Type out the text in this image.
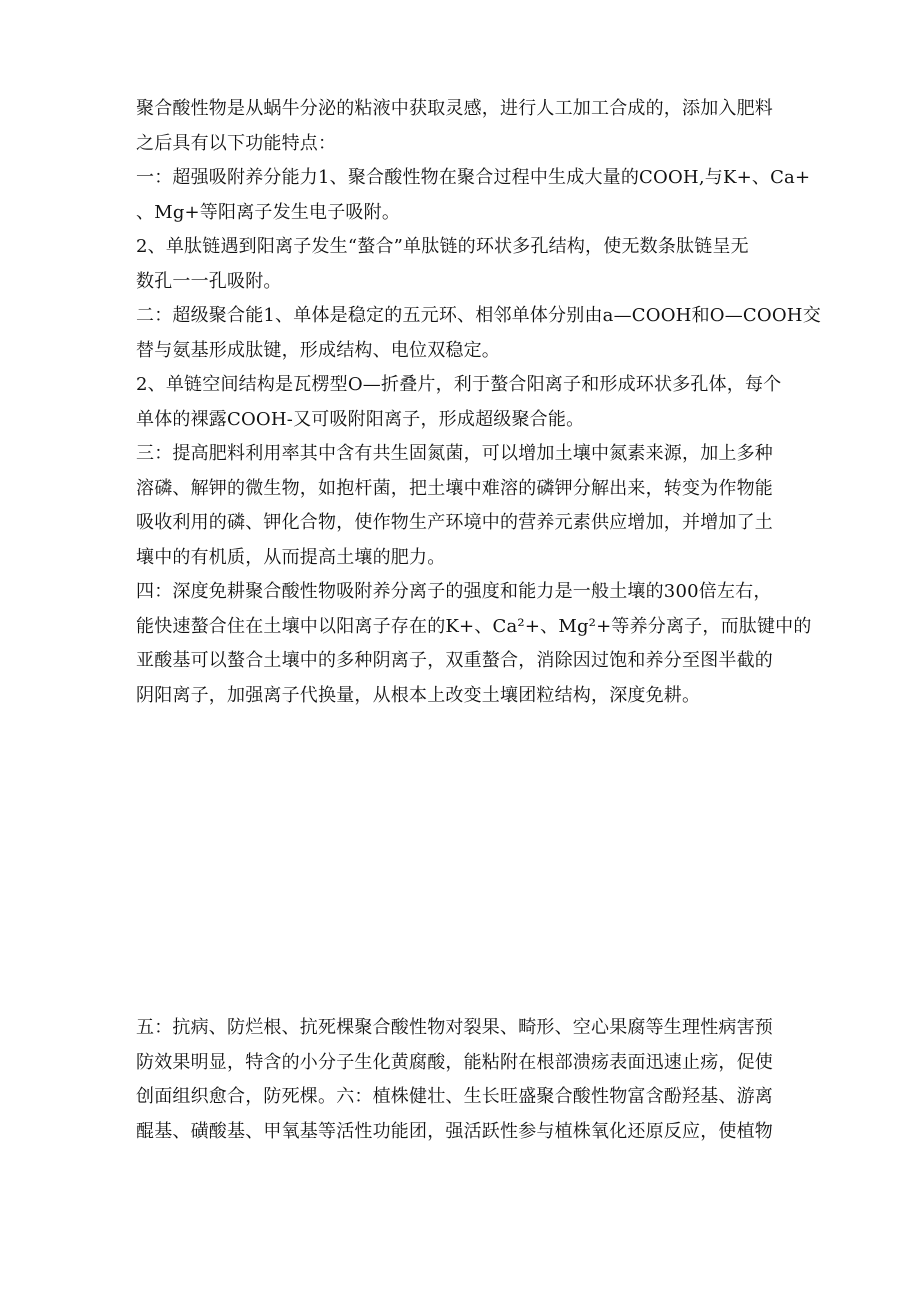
聚合酸性物是从蜗牛分泌的粘液中获取灵感，进行人工加工合成的，添加入肥料
之后具有以下功能特点：
一：超强吸附养分能力1、聚合酸性物在聚合过程中生成大量的COOH,与K+、Ca+
、Mg+等阳离子发生电子吸附。
2、单肽链遇到阳离子发生“螯合”单肽链的环状多孔结构，使无数条肽链呈无
数孔一一孔吸附。
二：超级聚合能1、单体是稳定的五元环、相邻单体分别由a—COOH和O—COOH交
替与氨基形成肽键，形成结构、电位双稳定。
2、单链空间结构是瓦楞型O—折叠片，利于螯合阳离子和形成环状多孔体，每个
单体的裸露COOH-又可吸附阳离子，形成超级聚合能。
三：提高肥料利用率其中含有共生固氮菌，可以增加土壤中氮素来源，加上多种
溶磷、解钾的微生物，如抱杆菌，把土壤中难溶的磷钾分解出来，转变为作物能
吸收利用的磷、钾化合物，使作物生产环境中的营养元素供应增加，并增加了土
壤中的有机质，从而提高土壤的肥力。
四：深度免耕聚合酸性物吸附养分离子的强度和能力是一般土壤的300倍左右，
能快速螯合住在土壤中以阳离子存在的K+、Ca²+、Mg²+等养分离子，而肽键中的
亚酸基可以螯合土壤中的多种阴离子，双重螯合，消除因过饱和养分至图半截的
阴阳离子，加强离子代换量，从根本上改变土壤团粒结构，深度免耕。
五：抗病、防烂根、抗死棵聚合酸性物对裂果、畸形、空心果腐等生理性病害预
防效果明显，特含的小分子生化黄腐酸，能粘附在根部溃疡表面迅速止疡，促使
创面组织愈合，防死棵。六：植株健壮、生长旺盛聚合酸性物富含酚羟基、游离
醌基、磺酸基、甲氧基等活性功能团，强活跃性参与植株氧化还原反应，使植物
